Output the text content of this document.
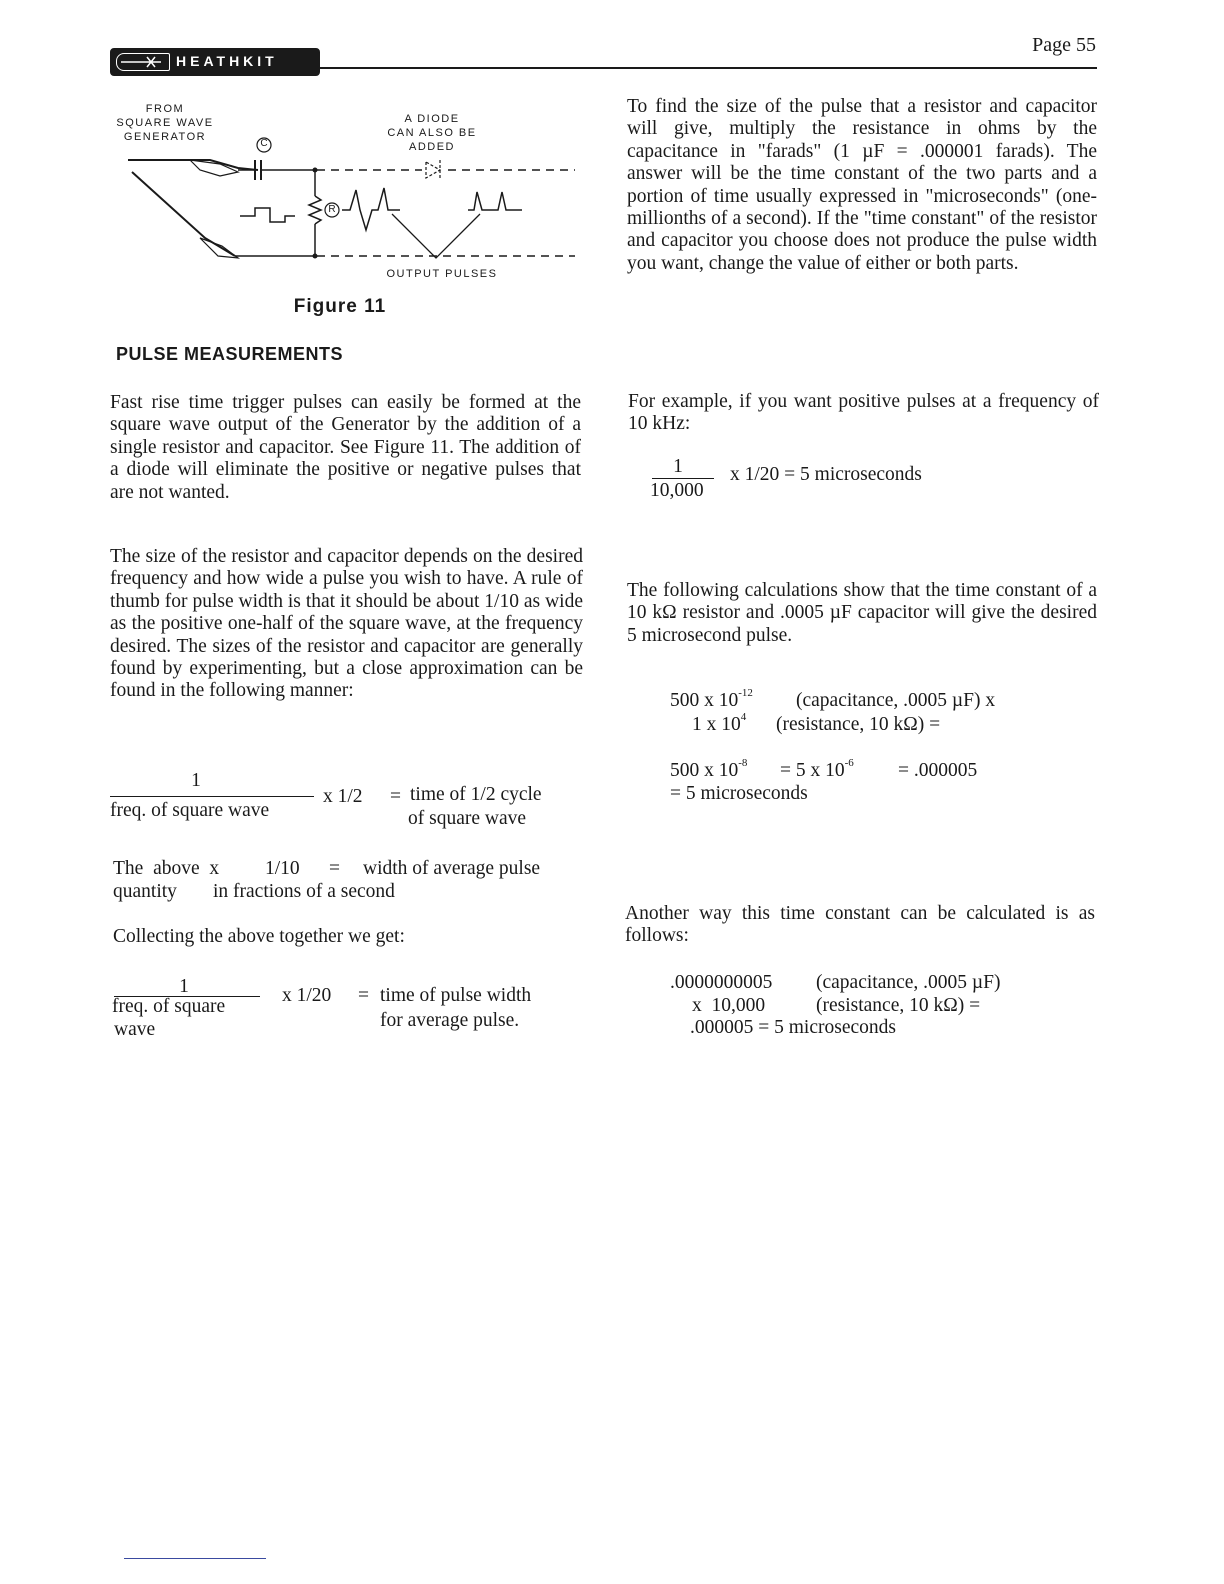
HEATHKIT
Page 55
FROM
SQUARE WAVE
GENERATOR
A DIODE
CAN ALSO BE
ADDED
C
R
OUTPUT PULSES
Figure 11
PULSE MEASUREMENTS
Fast rise time trigger pulses can easily be formed at the square wave output of the Generator by the addition of a single resistor and capacitor. See Figure 11. The addition of a diode will eliminate the positive or negative pulses that are not wanted.
The size of the resistor and capacitor depends on the desired frequency and how wide a pulse you wish to have. A rule of thumb for pulse width is that it should be about 1/10 as wide as the positive one-half of the square wave, at the frequency desired. The sizes of the resistor and capacitor are generally found by experimenting, but a close approximation can be found in the following manner:
1
freq. of square wave
x 1/2 = time of 1/2 cycle
of square wave
The  above  x 1/10 = width of average pulse
quantity in fractions of a second
Collecting the above together we get:
1
freq. of square
wave
x 1/20 = time of pulse width
for average pulse.
To find the size of the pulse that a resistor and capacitor will give, multiply the resistance in ohms by the capacitance in "farads" (1 µF = .000001 farads). The answer will be the time constant of the two parts and a portion of time usually expressed in "microseconds" (one-millionths of a second). If the "time constant" of the resistor and capacitor you choose does not produce the pulse width you want, change the value of either or both parts.
For example, if you want positive pulses at a frequency of 10 kHz:
1
10,000
x 1/20 = 5 microseconds
The following calculations show that the time constant of a 10 kΩ resistor and .0005 µF capacitor will give the desired 5 microsecond pulse.
500 x $10^{-12}$ (capacitance, .0005 µF) x
1 x $10^4$ (resistance, 10 kΩ) =
500 x $10^{-8} = 5$ x $10^{-6} = .000005$
= 5 microseconds
Another way this time constant can be calculated is as follows:
.0000000005 (capacitance, .0005 µF)
x  10,000	(resistance, 10 kΩ) =
.000005 = 5 microseconds
